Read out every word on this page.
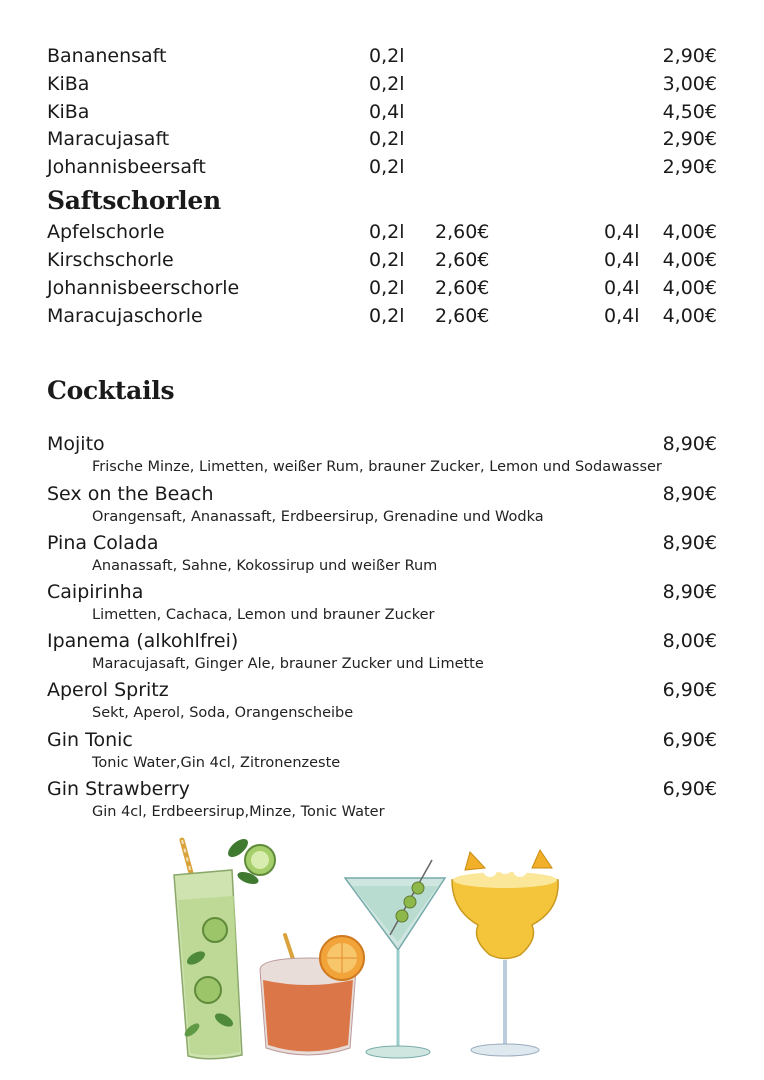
Bananensaft	0,2l	2,90€
KiBa	0,2l	3,00€
KiBa	0,4l	4,50€
Maracujasaft	0,2l	2,90€
Johannisbeersaft	0,2l	2,90€
Saftschorlen
Apfelschorle	0,2l 2,60€	0,4l 4,00€
Kirschschorle	0,2l 2,60€	0,4l 4,00€
Johannisbeerschorle	0,2l 2,60€	0,4l 4,00€
Maracujaschorle	0,2l 2,60€	0,4l 4,00€
Cocktails
Mojito	8,90€
Frische Minze, Limetten, weißer Rum, brauner Zucker, Lemon und Sodawasser
Sex on the Beach	8,90€
Orangensaft, Ananassaft, Erdbeersirup, Grenadine und Wodka
Pina Colada	8,90€
Ananassaft, Sahne, Kokossirup und weißer Rum
Caipirinha	8,90€
Limetten, Cachaca, Lemon und brauner Zucker
Ipanema (alkohlfrei)	8,00€
Maracujasaft, Ginger Ale, brauner Zucker und Limette
Aperol Spritz	6,90€
Sekt, Aperol, Soda, Orangenscheibe
Gin Tonic	6,90€
Tonic Water,Gin 4cl, Zitronenzeste
Gin Strawberry	6,90€
Gin 4cl, Erdbeersirup,Minze, Tonic Water
